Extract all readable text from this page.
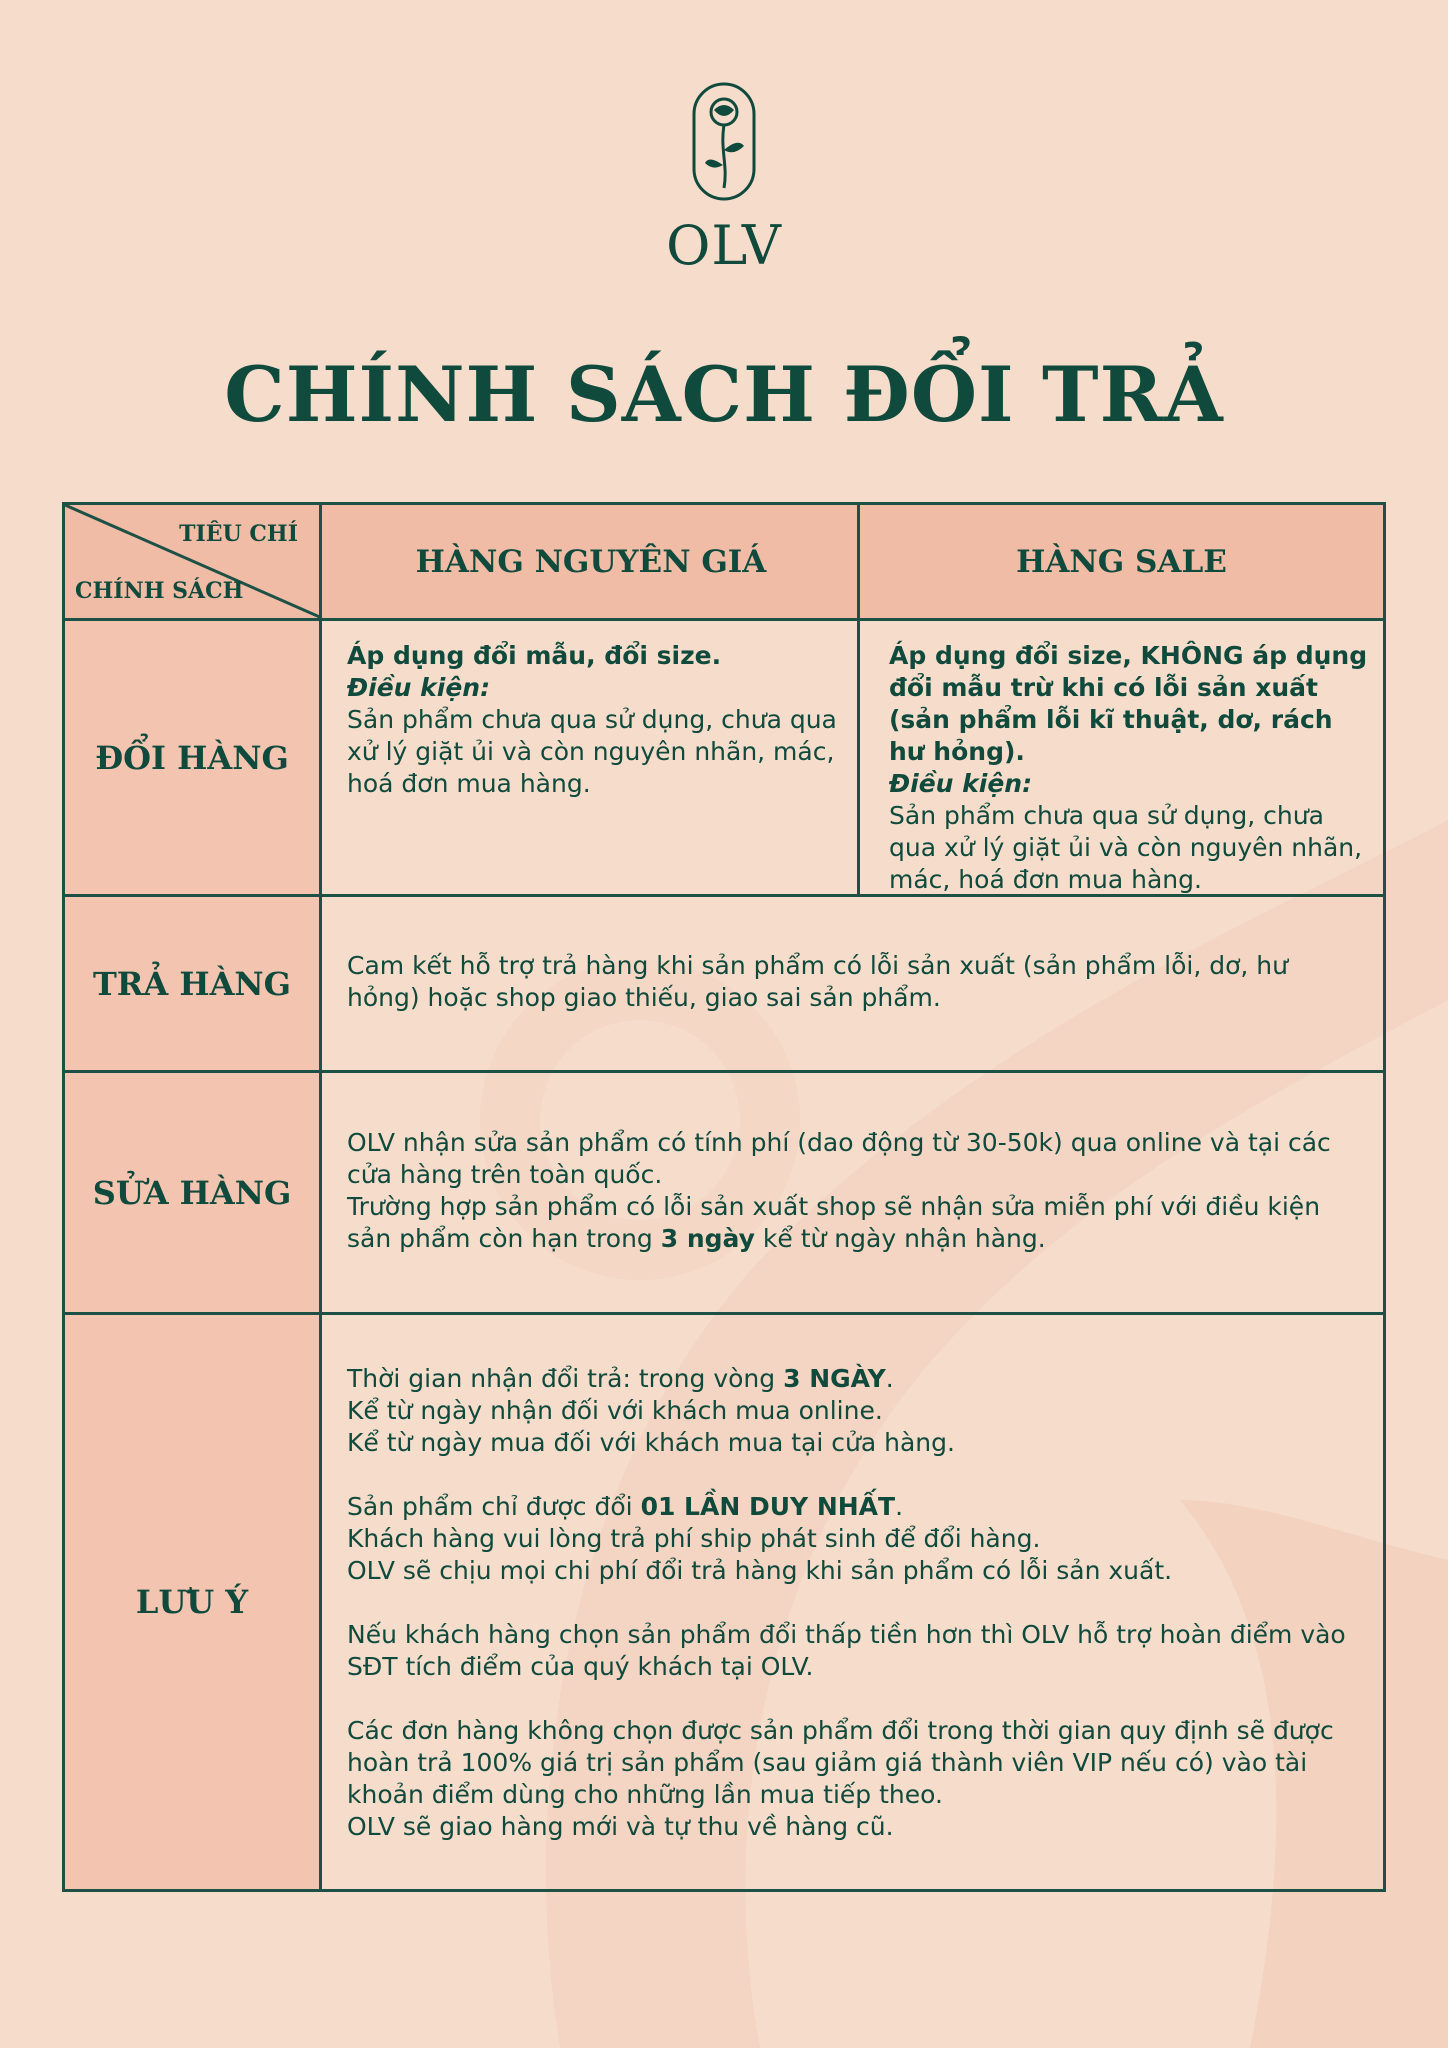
OLV
CHÍNH SÁCH ĐỔI TRẢ
TIÊU CHÍ
CHÍNH SÁCH
HÀNG NGUYÊN GIÁ	HÀNG SALE
ĐỔI HÀNG

Áp dụng đổi mẫu, đổi size.

Điều kiện:

Sản phẩm chưa qua sử dụng, chưa qua xử lý giặt ủi và còn nguyên nhãn, mác, hoá đơn mua hàng.

Áp dụng đổi size, KHÔNG áp dụng đổi mẫu trừ khi có lỗi sản xuất (sản phẩm lỗi kĩ thuật, dơ, rách hư hỏng).

Điều kiện:

Sản phẩm chưa qua sử dụng, chưa qua xử lý giặt ủi và còn nguyên nhãn, mác, hoá đơn mua hàng.

TRẢ HÀNG	Cam kết hỗ trợ trả hàng khi sản phẩm có lỗi sản xuất (sản phẩm lỗi, dơ, hư hỏng) hoặc shop giao thiếu, giao sai sản phẩm.

SỬA HÀNG

OLV nhận sửa sản phẩm có tính phí (dao động từ 30-50k) qua online và tại các cửa hàng trên toàn quốc.

Trường hợp sản phẩm có lỗi sản xuất shop sẽ nhận sửa miễn phí với điều kiện sản phẩm còn hạn trong 3 ngày kể từ ngày nhận hàng.

LƯU Ý

Thời gian nhận đổi trả: trong vòng 3 NGÀY.

Kể từ ngày nhận đối với khách mua online.

Kể từ ngày mua đối với khách mua tại cửa hàng.

Sản phẩm chỉ được đổi 01 LẦN DUY NHẤT.

Khách hàng vui lòng trả phí ship phát sinh để đổi hàng.

OLV sẽ chịu mọi chi phí đổi trả hàng khi sản phẩm có lỗi sản xuất.

Nếu khách hàng chọn sản phẩm đổi thấp tiền hơn thì OLV hỗ trợ hoàn điểm vào SĐT tích điểm của quý khách tại OLV.

Các đơn hàng không chọn được sản phẩm đổi trong thời gian quy định sẽ được hoàn trả 100% giá trị sản phẩm (sau giảm giá thành viên VIP nếu có) vào tài khoản điểm dùng cho những lần mua tiếp theo.

OLV sẽ giao hàng mới và tự thu về hàng cũ.
